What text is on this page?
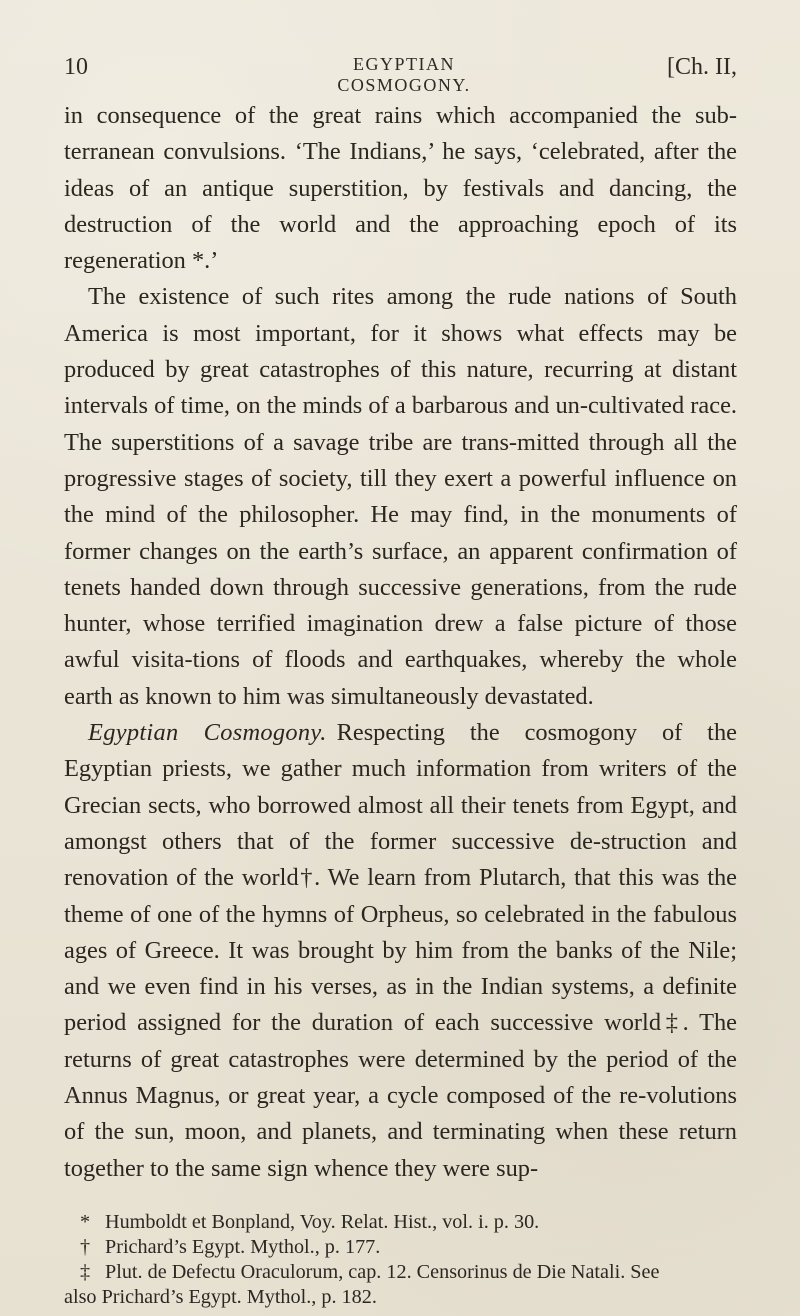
10	EGYPTIAN COSMOGONY.
[Ch. II,

in consequence of the great rains which accompanied the sub-terranean convulsions. ‘The Indians,’ he says, ‘celebrated, after the ideas of an antique superstition, by festivals and dancing, the destruction of the world and the approaching epoch of its regeneration *.’

The existence of such rites among the rude nations of South America is most important, for it shows what effects may be produced by great catastrophes of this nature, recurring at distant intervals of time, on the minds of a barbarous and un-cultivated race. The superstitions of a savage tribe are trans-mitted through all the progressive stages of society, till they exert a powerful influence on the mind of the philosopher. He may find, in the monuments of former changes on the earth’s surface, an apparent confirmation of tenets handed down through successive generations, from the rude hunter, whose terrified imagination drew a false picture of those awful visita-tions of floods and earthquakes, whereby the whole earth as known to him was simultaneously devastated.

Egyptian Cosmogony. Respecting the cosmogony of the Egyptian priests, we gather much information from writers of the Grecian sects, who borrowed almost all their tenets from Egypt, and amongst others that of the former successive de-struction and renovation of the world†. We learn from Plutarch, that this was the theme of one of the hymns of Orpheus, so celebrated in the fabulous ages of Greece. It was brought by him from the banks of the Nile; and we even find in his verses, as in the Indian systems, a definite period assigned for the duration of each successive world‡. The returns of great catastrophes were determined by the period of the Annus Magnus, or great year, a cycle composed of the re-volutions of the sun, moon, and planets, and terminating when these return together to the same sign whence they were sup-

* Humboldt et Bonpland, Voy. Relat. Hist., vol. i. p. 30.

† Prichard’s Egypt. Mythol., p. 177.

‡ Plut. de Defectu Oraculorum, cap. 12. Censorinus de Die Natali. See

also Prichard’s Egypt. Mythol., p. 182.
